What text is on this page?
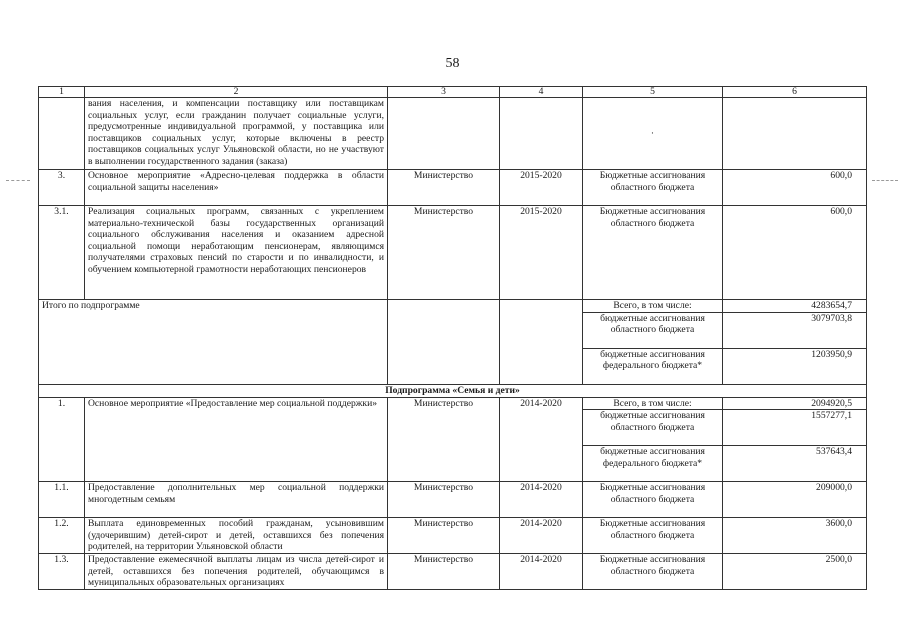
58
1	2	3	4	5	6
	вания населения, и компенсации поставщику или поставщикам социальных услуг, если гражданин получает социальные услуги, предусмотренные индивидуальной программой, у поставщика или поставщиков социальных услуг, которые включены в реестр поставщиков социальных услуг Ульяновской области, но не участвуют в выполнении государственного задания (заказа)			·	
3.	Основное мероприятие «Адресно-целевая поддержка в области социальной защиты населения»	Министерство	2015-2020	Бюджетные ассигнования областного бюджета	600,0
3.1.	Реализация социальных программ, связанных с укреплением материально-технической базы государственных организаций социального обслуживания населения и оказанием адресной социальной помощи неработающим пенсионерам, являющимся получателями страховых пенсий по старости и по инвалидности, и обучением компьютерной грамотности неработающих пенсионеров	Министерство	2015-2020	Бюджетные ассигнования областного бюджета	600,0
Итого по подпрограмме				Всего, в том числе:	4283654,7
				бюджетные ассигнования областного бюджета	3079703,8
				бюджетные ассигнования федерального бюджета*	1203950,9
Подпрограмма «Семья и дети»					
1.	Основное мероприятие «Предоставление мер социальной поддержки»	Министерство	2014-2020	Всего, в том числе:	2094920,5
				бюджетные ассигнования областного бюджета	1557277,1
				бюджетные ассигнования федерального бюджета*	537643,4
1.1.	Предоставление дополнительных мер социальной поддержки многодетным семьям	Министерство	2014-2020	Бюджетные ассигнования областного бюджета	209000,0
1.2.	Выплата единовременных пособий гражданам, усыновившим (удочерившим) детей-сирот и детей, оставшихся без попечения родителей, на территории Ульяновской области	Министерство	2014-2020	Бюджетные ассигнования областного бюджета	3600,0
1.3.	Предоставление ежемесячной выплаты лицам из числа детей-сирот и детей, оставшихся без попечения родителей, обучающимся в муниципальных образовательных организациях	Министерство	2014-2020	Бюджетные ассигнования областного бюджета	2500,0
